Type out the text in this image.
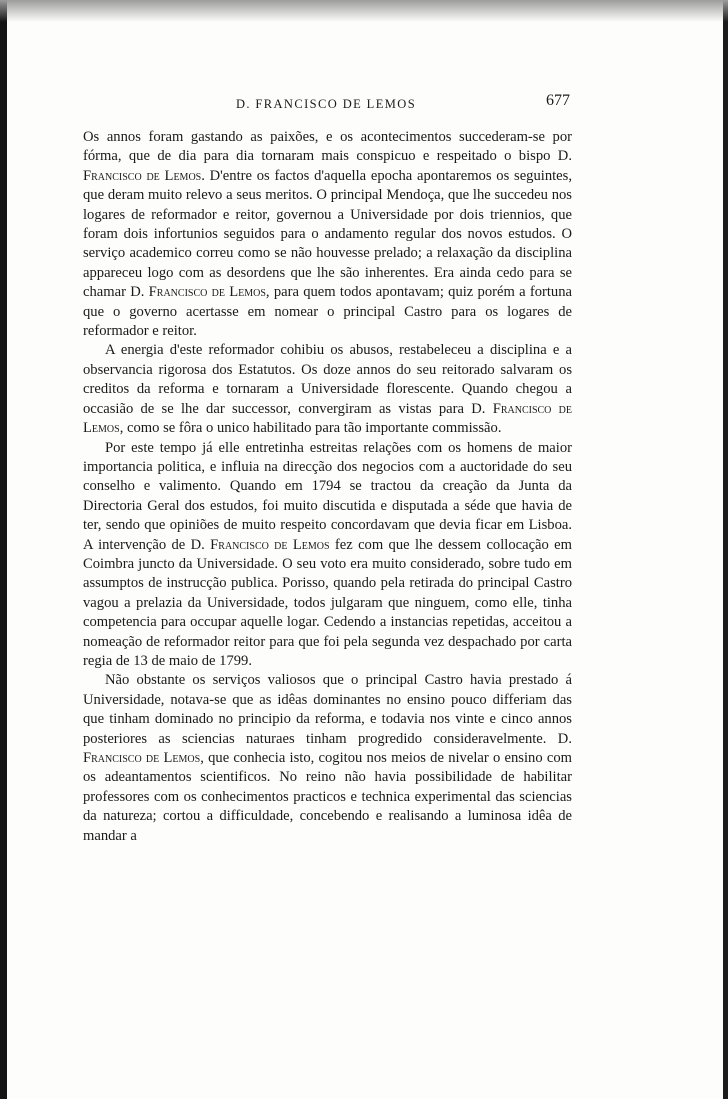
D. FRANCISCO DE LEMOS	677

Os annos foram gastando as paixões, e os acontecimentos succederam-se por fórma, que de dia para dia tornaram mais conspicuo e respeitado o bispo D. Francisco de Lemos. D'entre os factos d'aquella epocha apontaremos os seguintes, que deram muito relevo a seus meritos. O principal Mendoça, que lhe succedeu nos logares de reformador e reitor, governou a Universidade por dois triennios, que foram dois infortunios seguidos para o andamento regular dos novos estudos. O serviço academico correu como se não houvesse prelado; a relaxação da disciplina appareceu logo com as desordens que lhe são inherentes. Era ainda cedo para se chamar D. Francisco de Lemos, para quem todos apontavam; quiz porém a fortuna que o governo acertasse em nomear o principal Castro para os logares de reformador e reitor.

A energia d'este reformador cohibiu os abusos, restabeleceu a disciplina e a observancia rigorosa dos Estatutos. Os doze annos do seu reitorado salvaram os creditos da reforma e tornaram a Universidade florescente. Quando chegou a occasião de se lhe dar successor, convergiram as vistas para D. Francisco de Lemos, como se fôra o unico habilitado para tão importante commissão.

Por este tempo já elle entretinha estreitas relações com os homens de maior importancia politica, e influia na direcção dos negocios com a auctoridade do seu conselho e valimento. Quando em 1794 se tractou da creação da Junta da Directoria Geral dos estudos, foi muito discutida e disputada a séde que havia de ter, sendo que opiniões de muito respeito concordavam que devia ficar em Lisboa. A intervenção de D. Francisco de Lemos fez com que lhe dessem collocação em Coimbra juncto da Universidade. O seu voto era muito considerado, sobre tudo em assumptos de instrucção publica. Porisso, quando pela retirada do principal Castro vagou a prelazia da Universidade, todos julgaram que ninguem, como elle, tinha competencia para occupar aquelle logar. Cedendo a instancias repetidas, acceitou a nomeação de reformador reitor para que foi pela segunda vez despachado por carta regia de 13 de maio de 1799.

Não obstante os serviços valiosos que o principal Castro havia prestado á Universidade, notava-se que as idêas dominantes no ensino pouco differiam das que tinham dominado no principio da reforma, e todavia nos vinte e cinco annos posteriores as sciencias naturaes tinham progredido consideravelmente. D. Francisco de Lemos, que conhecia isto, cogitou nos meios de nivelar o ensino com os adeantamentos scientificos. No reino não havia possibilidade de habilitar professores com os conhecimentos practicos e technica experimental das sciencias da natureza; cortou a difficuldade, concebendo e realisando a luminosa idêa de mandar a
